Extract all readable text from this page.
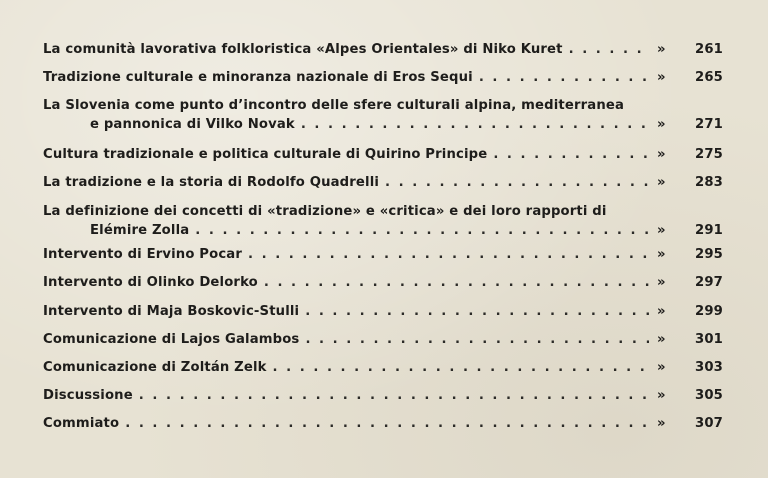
La comunità lavorativa folkloristica «Alpes Orientales» di Niko Kuret . . .	»	261
Tradizione culturale e minoranza nazionale di Eros Sequi . . .	»	265
La Slovenia come punto d’incontro delle sfere culturali alpina, mediterranea
e pannonica di Vilko Novak . . .	»	271
Cultura tradizionale e politica culturale di Quirino Principe . . .	»	275
La tradizione e la storia di Rodolfo Quadrelli . . .	»	283
La definizione dei concetti di «tradizione» e «critica» e dei loro rapporti di
Elémire Zolla . . .	»	291
Intervento di Ervino Pocar . . .	»	295
Intervento di Olinko Delorko . . .	»	297
Intervento di Maja Boskovic-Stulli . . .	»	299
Comunicazione di Lajos Galambos . . .	»	301
Comunicazione di Zoltán Zelk . . .	»	303
Discussione . . .	»	305
Commiato . . .	»	307
